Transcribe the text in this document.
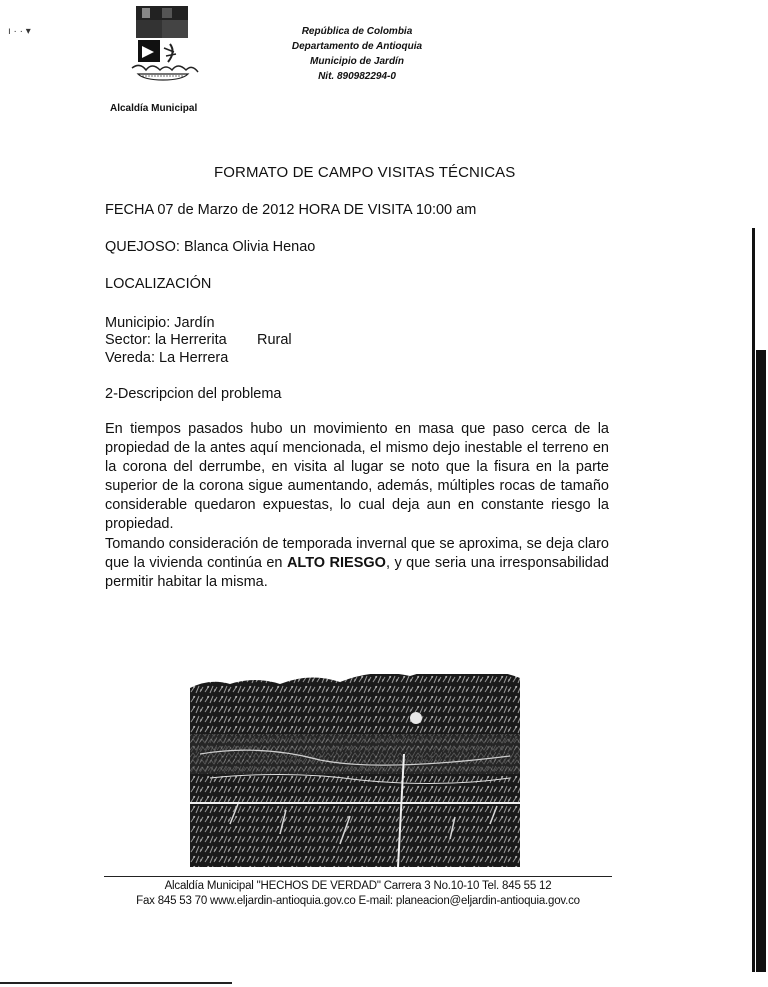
ı · · ▾
Alcaldía Municipal
República de Colombia
Departamento de Antioquia
Municipio de Jardín
Nit. 890982294-0
FORMATO DE CAMPO VISITAS TÉCNICAS
FECHA 07 de Marzo de 2012 HORA DE VISITA 10:00 am
QUEJOSO: Blanca Olivia Henao
LOCALIZACIÓN
Municipio: Jardín
Sector: la Herrerita Rural
Vereda: La Herrera
2-Descripcion del problema
En tiempos pasados hubo un movimiento en masa que paso cerca de la propiedad de la antes aquí mencionada, el mismo dejo inestable el terreno en la corona del derrumbe, en visita al lugar se noto que la fisura en la parte superior de la corona sigue aumentando, además, múltiples rocas de tamaño considerable quedaron expuestas, lo cual deja aun en constante riesgo la propiedad.
Tomando consideración de temporada invernal que se aproxima, se deja claro que la vivienda continúa en ALTO RIESGO, y que seria una irresponsabilidad permitir habitar la misma.
Alcaldía Municipal "HECHOS DE VERDAD" Carrera 3 No.10-10 Tel. 845 55 12
Fax 845 53 70 www.eljardin-antioquia.gov.co E-mail: planeacion@eljardin-antioquia.gov.co
